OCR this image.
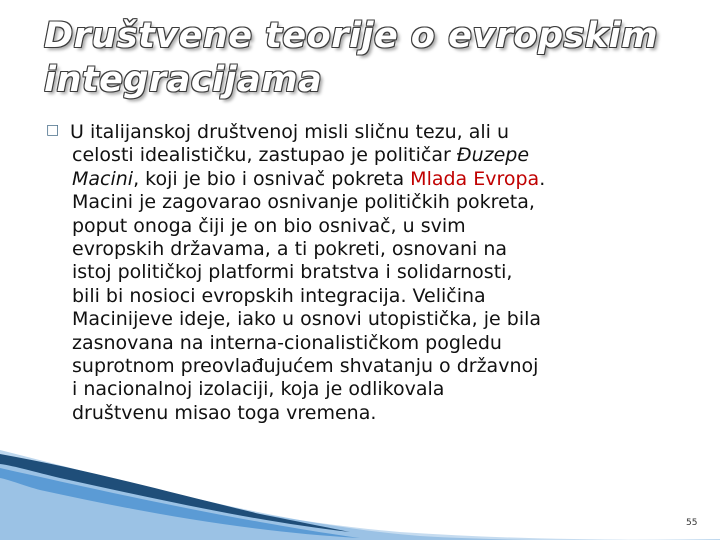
Društvene teorije o evropskim
integracijama
□ U italijanskoj društvenoj misli sličnu tezu, ali u
celosti idealističku, zastupao je političar Đuzepe
Macini, koji je bio i osnivač pokreta Mlada Evropa.
Macini je zagovarao osnivanje političkih pokreta,
poput onoga čiji je on bio osnivač, u svim
evropskih državama, a ti pokreti, osnovani na
istoj političkoj platformi bratstva i solidarnosti,
bili bi nosioci evropskih integracija. Veličina
Macinijeve ideje, iako u osnovi utopistička, je bila
zasnovana na interna-cionalističkom pogledu
suprotnom preovlađujućem shvatanju o državnoj
i nacionalnoj izolaciji, koja je odlikovala
društvenu misao toga vremena.
55
